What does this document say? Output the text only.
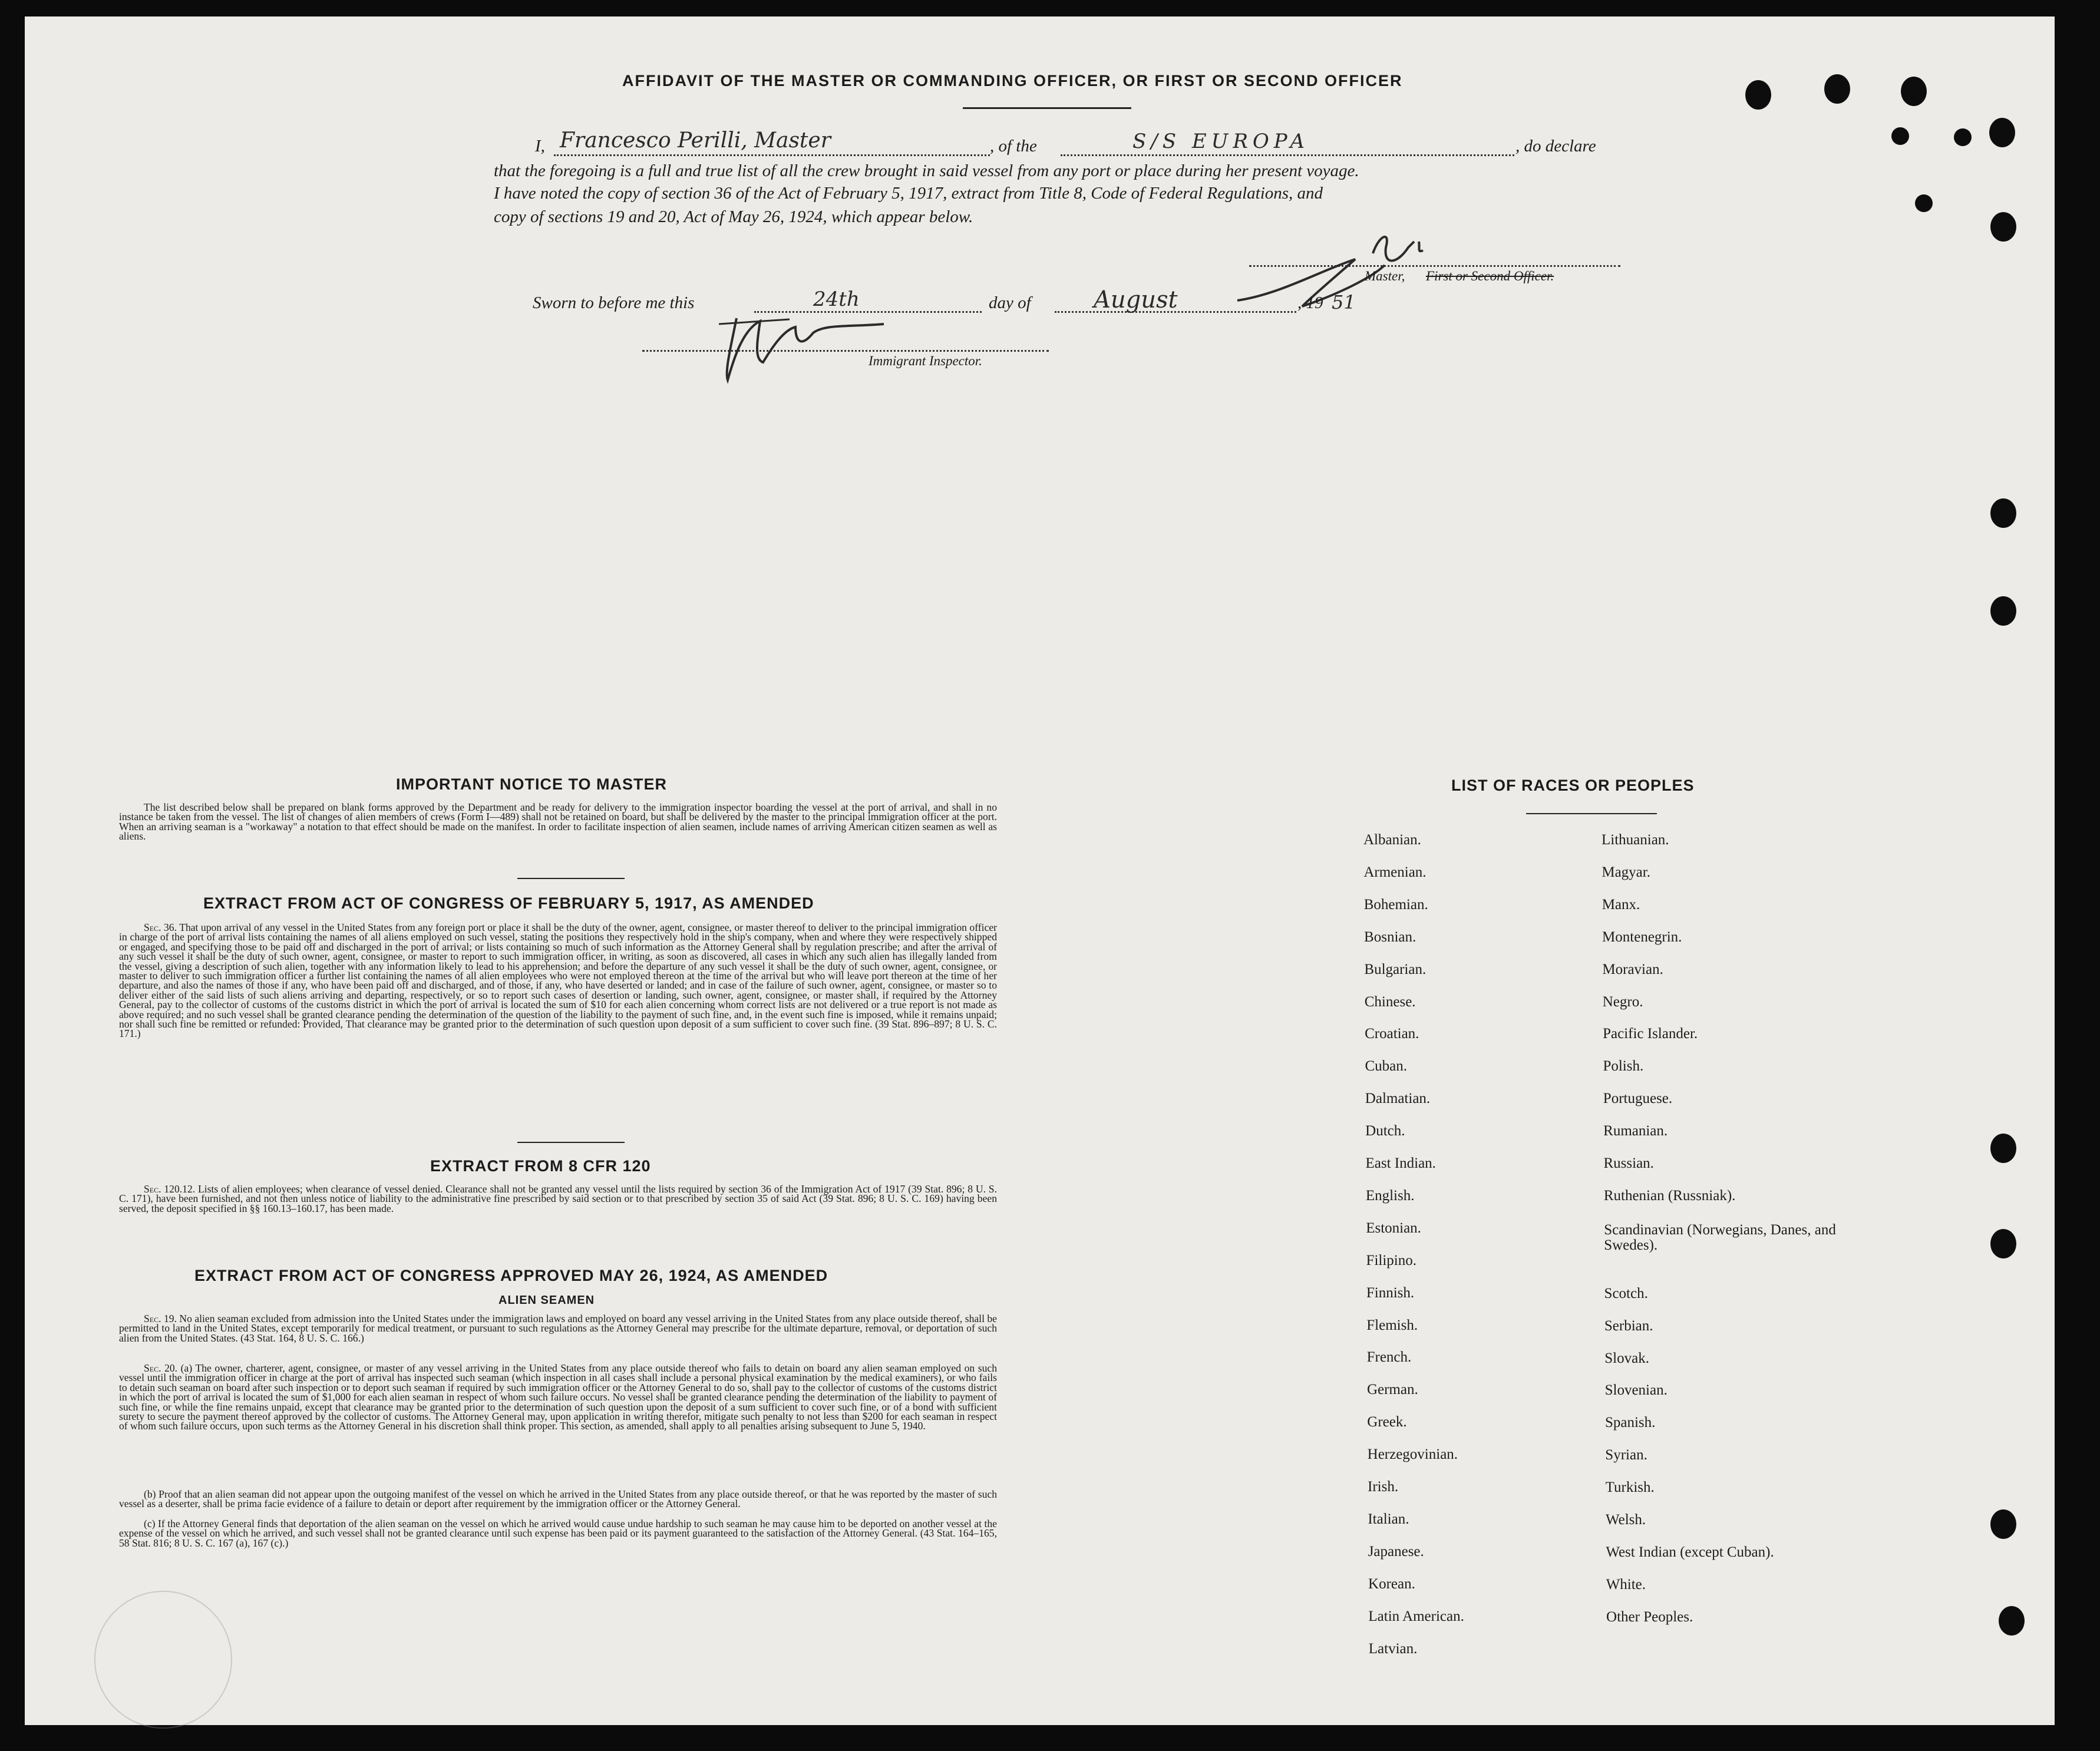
AFFIDAVIT OF THE MASTER OR COMMANDING OFFICER, OR FIRST OR SECOND OFFICER
I, Francesco Perilli, Master	, of the	S/S EUROPA	, do declare
that the foregoing is a full and true list of all the crew brought in said vessel from any port or place during her present voyage.
I have noted the copy of section 36 of the Act of February 5, 1917, extract from Title 8, Code of Federal Regulations, and
copy of sections 19 and 20, Act of May 26, 1924, which appear below.
Master, First or Second Officer.
Sworn to before me this	24th	day of	August	, 19 51
Immigrant Inspector.
IMPORTANT NOTICE TO MASTER

The list described below shall be prepared on blank forms approved by the Department and be ready for delivery to the immigration inspector boarding the vessel at the port of arrival, and shall in no instance be taken from the vessel. The list of changes of alien members of crews (Form I—489) shall not be retained on board, but shall be delivered by the master to the principal immigration officer at the port. When an arriving seaman is a "workaway" a notation to that effect should be made on the manifest. In order to facilitate inspection of alien seamen, include names of arriving American citizen seamen as well as aliens.

EXTRACT FROM ACT OF CONGRESS OF FEBRUARY 5, 1917, AS AMENDED

Sec. 36. That upon arrival of any vessel in the United States from any foreign port or place it shall be the duty of the owner, agent, consignee, or master thereof to deliver to the principal immigration officer in charge of the port of arrival lists containing the names of all aliens employed on such vessel, stating the positions they respectively hold in the ship's company, when and where they were respectively shipped or engaged, and specifying those to be paid off and discharged in the port of arrival; or lists containing so much of such information as the Attorney General shall by regulation prescribe; and after the arrival of any such vessel it shall be the duty of such owner, agent, consignee, or master to report to such immigration officer, in writing, as soon as discovered, all cases in which any such alien has illegally landed from the vessel, giving a description of such alien, together with any information likely to lead to his apprehension; and before the departure of any such vessel it shall be the duty of such owner, agent, consignee, or master to deliver to such immigration officer a further list containing the names of all alien employees who were not employed thereon at the time of the arrival but who will leave port thereon at the time of her departure, and also the names of those if any, who have been paid off and discharged, and of those, if any, who have deserted or landed; and in case of the failure of such owner, agent, consignee, or master so to deliver either of the said lists of such aliens arriving and departing, respectively, or so to report such cases of desertion or landing, such owner, agent, consignee, or master shall, if required by the Attorney General, pay to the collector of customs of the customs district in which the port of arrival is located the sum of $10 for each alien concerning whom correct lists are not delivered or a true report is not made as above required; and no such vessel shall be granted clearance pending the determination of the question of the liability to the payment of such fine, and, in the event such fine is imposed, while it remains unpaid; nor shall such fine be remitted or refunded: Provided, That clearance may be granted prior to the determination of such question upon deposit of a sum sufficient to cover such fine. (39 Stat. 896–897; 8 U. S. C. 171.)

EXTRACT FROM 8 CFR 120

Sec. 120.12. Lists of alien employees; when clearance of vessel denied. Clearance shall not be granted any vessel until the lists required by section 36 of the Immigration Act of 1917 (39 Stat. 896; 8 U. S. C. 171), have been furnished, and not then unless notice of liability to the administrative fine prescribed by said section or to that prescribed by section 35 of said Act (39 Stat. 896; 8 U. S. C. 169) having been served, the deposit specified in §§ 160.13–160.17, has been made.

EXTRACT FROM ACT OF CONGRESS APPROVED MAY 26, 1924, AS AMENDED
ALIEN SEAMEN

Sec. 19. No alien seaman excluded from admission into the United States under the immigration laws and employed on board any vessel arriving in the United States from any place outside thereof, shall be permitted to land in the United States, except temporarily for medical treatment, or pursuant to such regulations as the Attorney General may prescribe for the ultimate departure, removal, or deportation of such alien from the United States. (43 Stat. 164, 8 U. S. C. 166.)

Sec. 20. (a) The owner, charterer, agent, consignee, or master of any vessel arriving in the United States from any place outside thereof who fails to detain on board any alien seaman employed on such vessel until the immigration officer in charge at the port of arrival has inspected such seaman (which inspection in all cases shall include a personal physical examination by the medical examiners), or who fails to detain such seaman on board after such inspection or to deport such seaman if required by such immigration officer or the Attorney General to do so, shall pay to the collector of customs of the customs district in which the port of arrival is located the sum of $1,000 for each alien seaman in respect of whom such failure occurs. No vessel shall be granted clearance pending the determination of the liability to payment of such fine, or while the fine remains unpaid, except that clearance may be granted prior to the determination of such question upon the deposit of a sum sufficient to cover such fine, or of a bond with sufficient surety to secure the payment thereof approved by the collector of customs. The Attorney General may, upon application in writing therefor, mitigate such penalty to not less than $200 for each seaman in respect of whom such failure occurs, upon such terms as the Attorney General in his discretion shall think proper. This section, as amended, shall apply to all penalties arising subsequent to June 5, 1940.

(b) Proof that an alien seaman did not appear upon the outgoing manifest of the vessel on which he arrived in the United States from any place outside thereof, or that he was reported by the master of such vessel as a deserter, shall be prima facie evidence of a failure to detain or deport after requirement by the immigration officer or the Attorney General.

(c) If the Attorney General finds that deportation of the alien seaman on the vessel on which he arrived would cause undue hardship to such seaman he may cause him to be deported on another vessel at the expense of the vessel on which he arrived, and such vessel shall not be granted clearance until such expense has been paid or its payment guaranteed to the satisfaction of the Attorney General. (43 Stat. 164–165, 58 Stat. 816; 8 U. S. C. 167 (a), 167 (c).)

LIST OF RACES OR PEOPLES
Albanian.
Armenian.
Bohemian.
Bosnian.
Bulgarian.
Chinese.
Croatian.
Cuban.
Dalmatian.
Dutch.
East Indian.
English.
Estonian.
Filipino.
Finnish.
Flemish.
French.
German.
Greek.
Herzegovinian.
Irish.
Italian.
Japanese.
Korean.
Latin American.
Latvian.
Lithuanian.
Magyar.
Manx.
Montenegrin.
Moravian.
Negro.
Pacific Islander.
Polish.
Portuguese.
Rumanian.
Russian.
Ruthenian (Russniak).
Scandinavian (Norwegians, Danes, and Swedes).
Scotch.
Serbian.
Slovak.
Slovenian.
Spanish.
Syrian.
Turkish.
Welsh.
West Indian (except Cuban).
White.
Other Peoples.
